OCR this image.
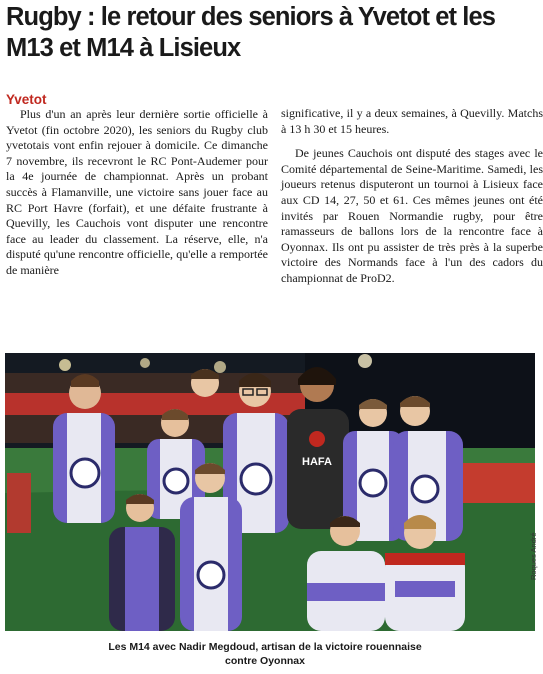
Rugby : le retour des seniors à Yvetot et les M13 et M14 à Lisieux
Yvetot

Plus d'un an après leur dernière sortie officielle à Yvetot (fin octobre 2020), les seniors du Rugby club yvetotais vont enfin rejouer à domicile. Ce dimanche 7 novembre, ils recevront le RC Pont-Audemer pour la 4e journée de championnat. Après un probant succès à Flamanville, une victoire sans jouer face au RC Port Havre (forfait), et une défaite frustrante à Quevilly, les Cauchois vont disputer une rencontre face au leader du classement. La réserve, elle, n'a disputé qu'une rencontre officielle, qu'elle a remportée de manière

significative, il y a deux semaines, à Quevilly. Matchs à 13 h 30 et 15 heures.

De jeunes Cauchois ont disputé des stages avec le Comité départemental de Seine-Maritime. Samedi, les joueurs retenus disputeront un tournoi à Lisieux face aux CD 14, 27, 50 et 61. Ces mêmes jeunes ont été invités par Rouen Normandie rugby, pour être ramasseurs de ballons lors de la rencontre face à Oyonnax. Ils ont pu assister de très près à la superbe victoire des Normands face à l'un des cadors du championnat de ProD2.

HAFA
Roques André
Les M14 avec Nadir Megdoud, artisan de la victoire rouennaise
contre Oyonnax
